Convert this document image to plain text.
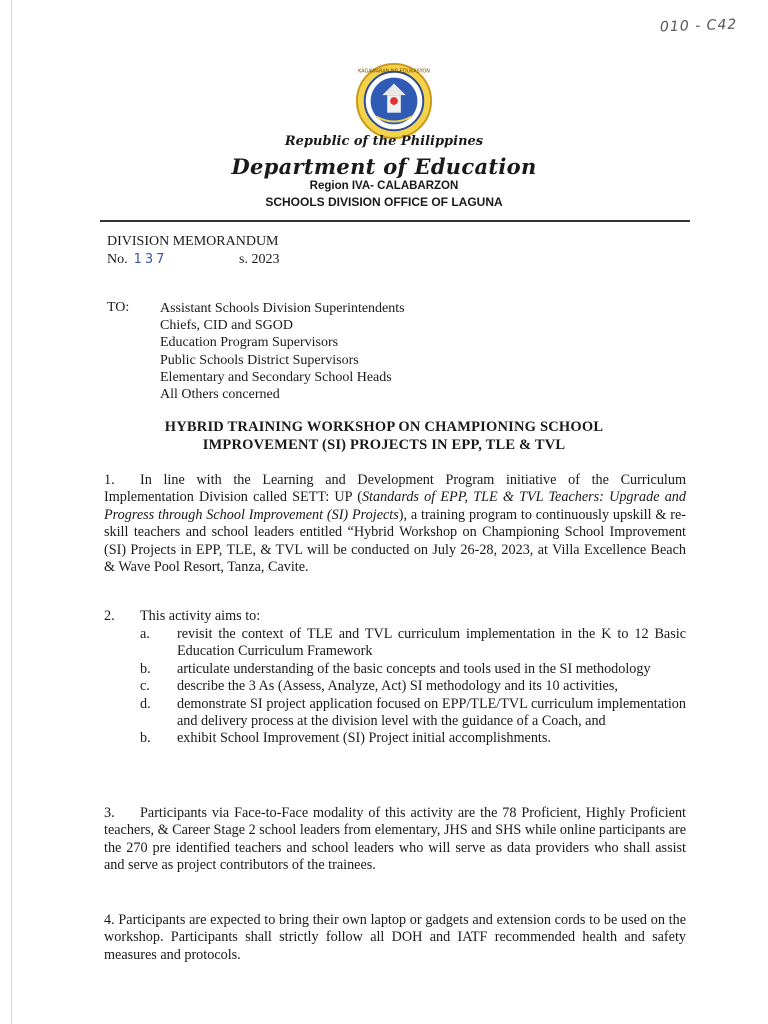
010 - C42
KAGAWARAN NG EDUKASYON
Republic of the Philippines
Department of Education
Region IVA- CALABARZON
SCHOOLS DIVISION OFFICE OF LAGUNA
DIVISION MEMORANDUM
No. 137	s. 2023
TO: Assistant Schools Division Superintendents
Chiefs, CID and SGOD
Education Program Supervisors
Public Schools District Supervisors
Elementary and Secondary School Heads
All Others concerned
HYBRID TRAINING WORKSHOP ON CHAMPIONING SCHOOL
IMPROVEMENT (SI) PROJECTS IN EPP, TLE & TVL

1. In line with the Learning and Development Program initiative of the Curriculum Implementation Division called SETT: UP (Standards of EPP, TLE & TVL Teachers: Upgrade and Progress through School Improvement (SI) Projects), a training program to continuously upskill & re-skill teachers and school leaders entitled “Hybrid Workshop on Championing School Improvement (SI) Projects in EPP, TLE, & TVL will be conducted on July 26-28, 2023, at Villa Excellence Beach & Wave Pool Resort, Tanza, Cavite.

2. This activity aims to:

a. revisit the context of TLE and TVL curriculum implementation in the K to 12 Basic Education Curriculum Framework
b. articulate understanding of the basic concepts and tools used in the SI methodology
c. describe the 3 As (Assess, Analyze, Act) SI methodology and its 10 activities,
d. demonstrate SI project application focused on EPP/TLE/TVL curriculum implementation and delivery process at the division level with the guidance of a Coach, and
b. exhibit School Improvement (SI) Project initial accomplishments.

3. Participants via Face-to-Face modality of this activity are the 78 Proficient, Highly Proficient teachers, & Career Stage 2 school leaders from elementary, JHS and SHS while online participants are the 270 pre identified teachers and school leaders who will serve as data providers who shall assist and serve as project contributors of the trainees.

4. Participants are expected to bring their own laptop or gadgets and extension cords to be used on the workshop. Participants shall strictly follow all DOH and IATF recommended health and safety measures and protocols.
